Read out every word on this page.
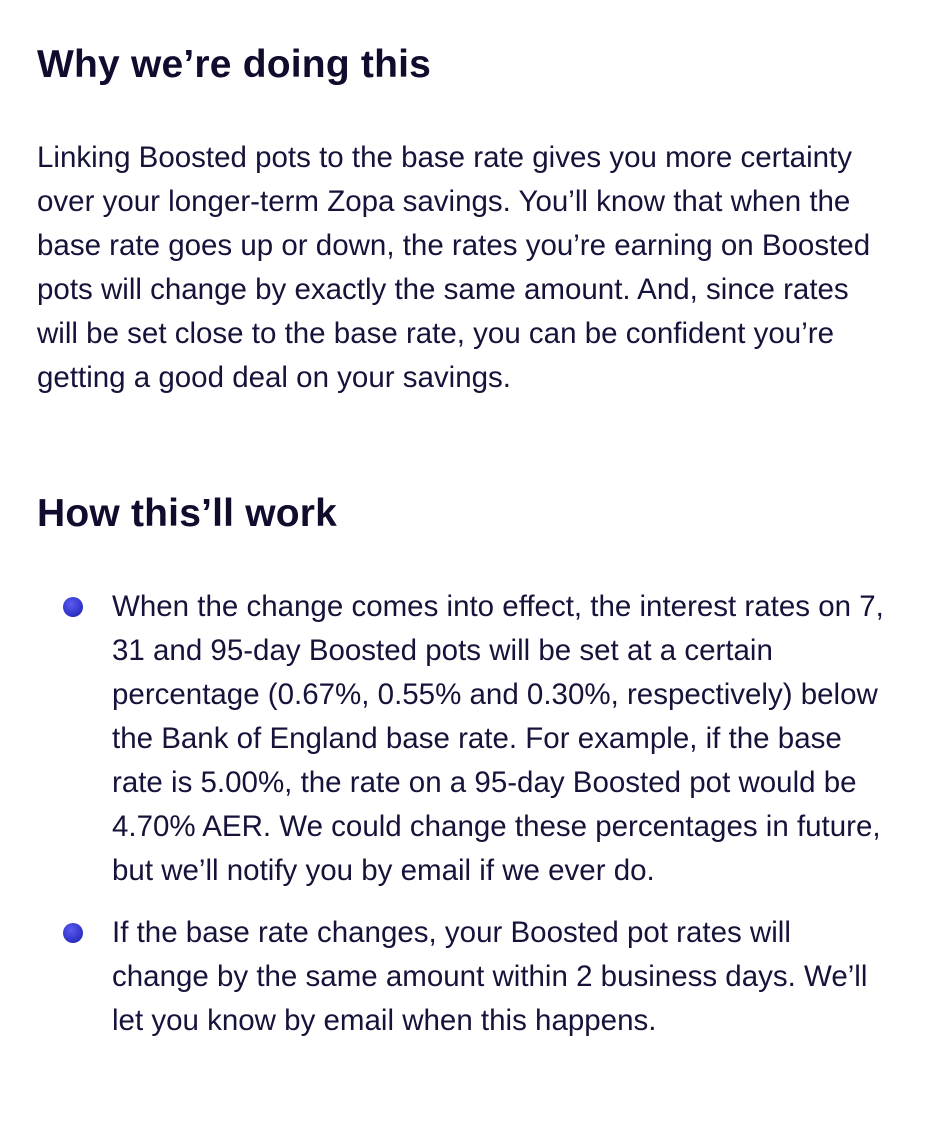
Why we’re doing this

Linking Boosted pots to the base rate gives you more certainty over your longer-term Zopa savings. You’ll know that when the base rate goes up or down, the rates you’re earning on Boosted pots will change by exactly the same amount. And, since rates will be set close to the base rate, you can be confident you’re getting a good deal on your savings.

How this’ll work
When the change comes into effect, the interest rates on 7, 31 and 95-day Boosted pots will be set at a certain percentage (0.67%, 0.55% and 0.30%, respectively) below the Bank of England base rate. For example, if the base rate is 5.00%, the rate on a 95-day Boosted pot would be 4.70% AER. We could change these percentages in future, but we’ll notify you by email if we ever do.
If the base rate changes, your Boosted pot rates will change by the same amount within 2 business days. We’ll let you know by email when this happens.
